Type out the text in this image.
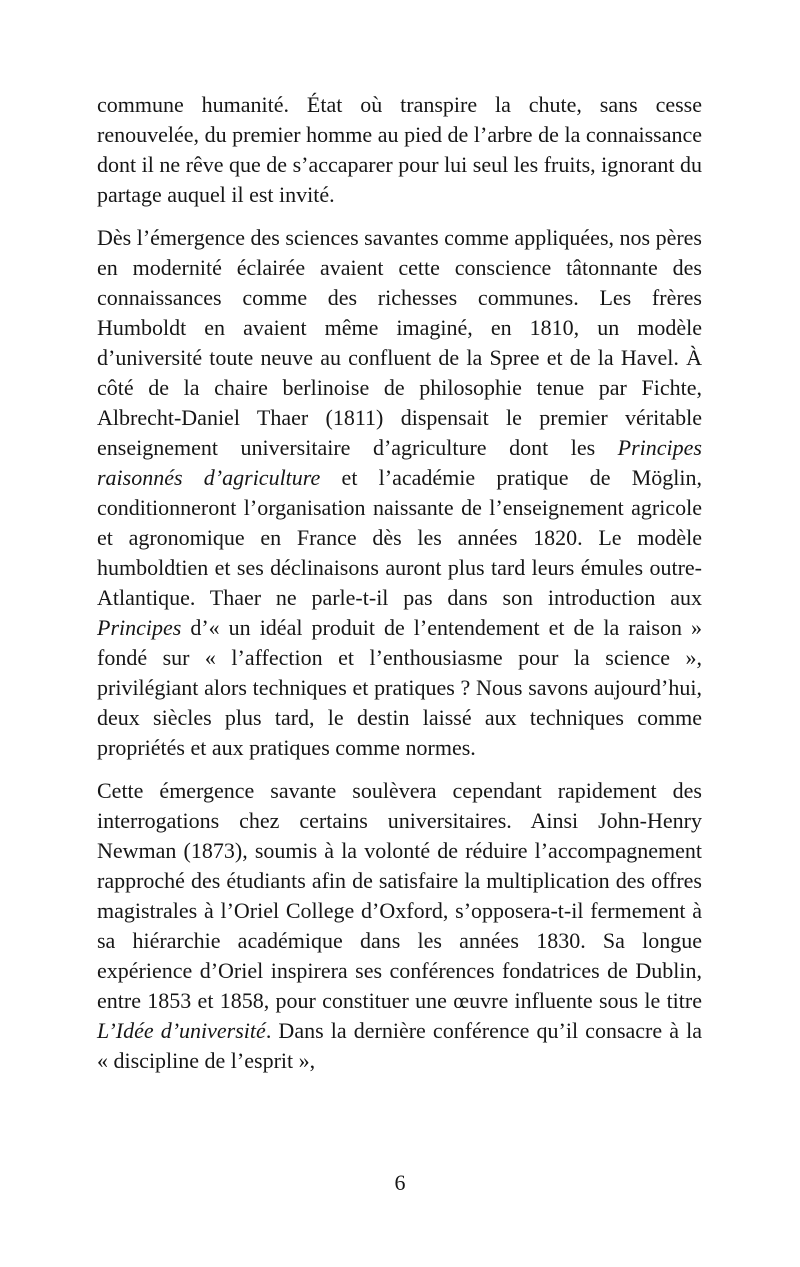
commune humanité. État où transpire la chute, sans cesse renouvelée, du premier homme au pied de l’arbre de la connaissance dont il ne rêve que de s’accaparer pour lui seul les fruits, ignorant du partage auquel il est invité.

Dès l’émergence des sciences savantes comme appliquées, nos pères en modernité éclairée avaient cette conscience tâtonnante des connaissances comme des richesses communes. Les frères Humboldt en avaient même imaginé, en 1810, un modèle d’université toute neuve au confluent de la Spree et de la Havel. À côté de la chaire berlinoise de philosophie tenue par Fichte, Albrecht-Daniel Thaer (1811) dispensait le premier véritable enseignement universitaire d’agriculture dont les Principes raisonnés d’agriculture et l’académie pratique de Möglin, conditionneront l’organisation naissante de l’enseignement agricole et agronomique en France dès les années 1820. Le modèle humboldtien et ses déclinaisons auront plus tard leurs émules outre-Atlantique. Thaer ne parle-t-il pas dans son introduction aux Principes d’« un idéal produit de l’entendement et de la raison » fondé sur « l’affection et l’enthousiasme pour la science », privilégiant alors techniques et pratiques ? Nous savons aujourd’hui, deux siècles plus tard, le destin laissé aux techniques comme propriétés et aux pratiques comme normes.

Cette émergence savante soulèvera cependant rapidement des interrogations chez certains universitaires. Ainsi John-Henry Newman (1873), soumis à la volonté de réduire l’accompagnement rapproché des étudiants afin de satisfaire la multiplication des offres magistrales à l’Oriel College d’Oxford, s’opposera-t-il fermement à sa hiérarchie académique dans les années 1830. Sa longue expérience d’Oriel inspirera ses conférences fondatrices de Dublin, entre 1853 et 1858, pour constituer une œuvre influente sous le titre L’Idée d’université. Dans la dernière conférence qu’il consacre à la « discipline de l’esprit »,

6
